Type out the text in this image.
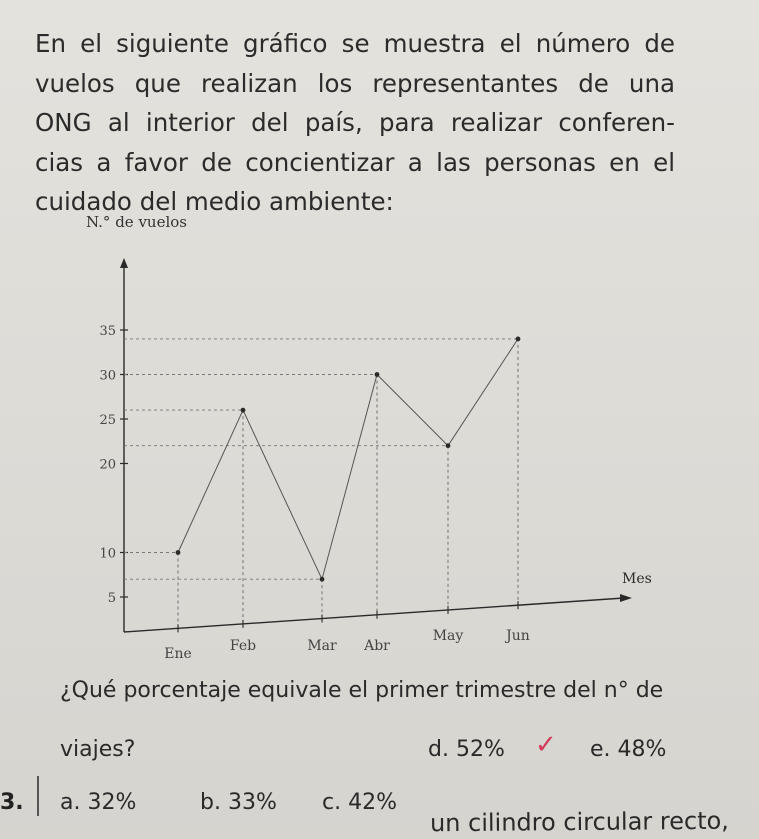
En el siguiente gráfico se muestra el número de
vuelos que realizan los representantes de una
ONG al interior del país, para realizar conferen-
cias a favor de concientizar a las personas en el
cuidado del medio ambiente:
N.° de vuelos
Mes
5
10
20
25
30
35
Ene	Feb	Mar Abr
May	Jun
¿Qué porcentaje equivale el primer trimestre del n° de
viajes?	d. 52% ✓ e. 48%
3. a. 32%	b. 33% c. 42%
un cilindro circular recto,
